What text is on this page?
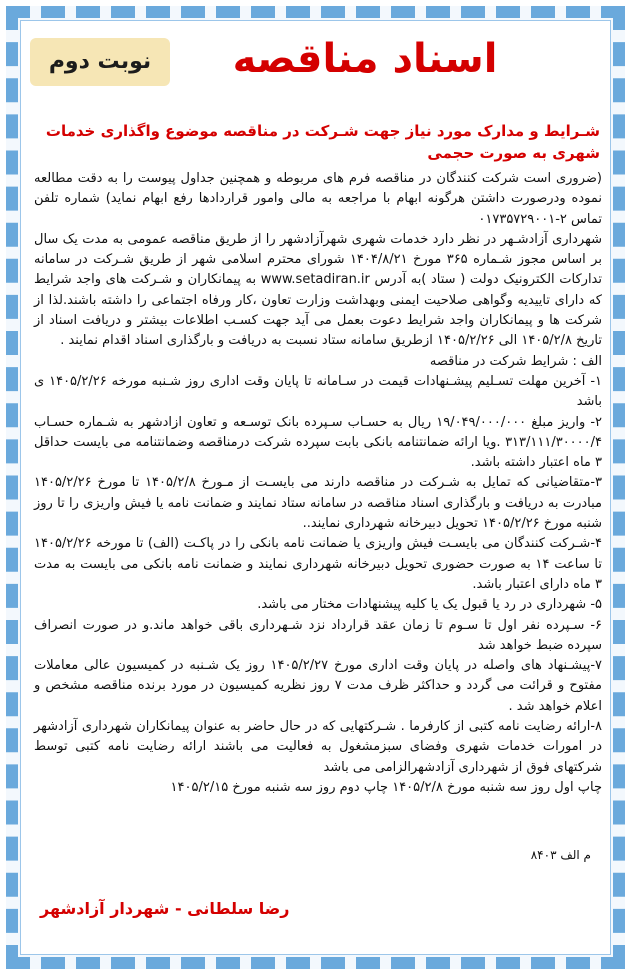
نوبت دوم	اسناد مناقصه
شـرایط و مدارک مورد نیاز جهت شـرکت در مناقصه موضوع واگذاری خدمات شهری به صورت حجمی

(ضروری است شرکت کنندگان در مناقصه فرم های مربوطه و همچنین جداول پیوست را به دقت مطالعه نموده ودرصورت داشتن هرگونه ابهام با مراجعه به مالی وامور قراردادها رفع ابهام نماید) شماره تلفن تماس ۲-۰۱۷۳۵۷۲۹۰۰۱

شهرداری آزادشـهر در نظر دارد خدمات شهری شهرآزادشهر را از طریق مناقصه عمومی به مدت یک سال بر اساس مجوز شـماره ۳۶۵ مورخ ۱۴۰۴/۸/۲۱ شورای محترم اسلامی شهر از طریق شـرکت در سامانه تدارکات الکترونیک دولت ( ستاد )به آدرس www.setadiran.ir به پیمانکاران و شـرکت های واجد شرایط که دارای تاییدیه وگواهی صلاحیت ایمنی وبهداشت وزارت تعاون ،کار ورفاه اجتماعی را داشته باشند.لذا از شرکت ها و پیمانکاران واجد شرایط دعوت بعمل می آید جهت کسـب اطلاعات بیشتر و دریافت اسناد از تاریخ ۱۴۰۵/۲/۸ الی ۱۴۰۵/۲/۲۶ ازطریق سامانه ستاد نسبت به دریافت و بارگذاری اسناد اقدام نمایند .

الف : شرایط شرکت در مناقصه

۱- آخرین مهلت تسـلیم پیشـنهادات قیمت در سـامانه تا پایان وقت اداری روز شـنبه مورخه ۱۴۰۵/۲/۲۶ ی باشد

۲- واریز مبلغ ۱۹/۰۴۹/۰۰۰/۰۰۰ ریال به حسـاب سـپرده بانک توسـعه و تعاون ازادشهر به شـماره حسـاب ۳۱۳/۱۱۱/۳۰۰۰۰/۴ .ویا ارائه ضمانتنامه بانکی بابت سپرده شرکت درمناقصه وضمانتنامه می بایست حداقل ۳ ماه اعتبار داشته باشد.

۳-متقاضیانی که تمایل به شـرکت در مناقصه دارند می بایسـت از مـورخ ۱۴۰۵/۲/۸ تا مورخ ۱۴۰۵/۲/۲۶ مبادرت به دریافت و بارگذاری اسناد مناقصه در سامانه ستاد نمایند و ضمانت نامه یا فیش واریزی را تا روز شنبه مورخ ۱۴۰۵/۲/۲۶ تحویل دبیرخانه شهرداری نمایند..

۴-شـرکت کنندگان می بایسـت فیش واریزی یا ضمانت نامه بانکی را در پاکـت (الف) تا مورخه ۱۴۰۵/۲/۲۶ تا ساعت ۱۴ به صورت حضوری تحویل دبیرخانه شهرداری نمایند و ضمانت نامه بانکی می بایست به مدت ۳ ماه دارای اعتبار باشد.

۵- شهرداری در رد یا قبول یک یا کلیه پیشنهادات مختار می باشد.

۶- سـپرده نفر اول تا سـوم تا زمان عقد قرارداد نزد شـهرداری باقی خواهد ماند.و در صورت انصراف سپرده ضبط خواهد شد

۷-پیشـنهاد های واصله در پایان وقت اداری مورخ ۱۴۰۵/۲/۲۷ روز یک شـنبه در کمیسیون عالی معاملات مفتوح و قرائت می گردد و حداکثر ظرف مدت ۷ روز نظریه کمیسیون در مورد برنده مناقصه مشخص و اعلام خواهد شد .

۸-ارائه رضایت نامه کتبی از کارفرما . شـرکتهایی که در حال حاضر به عنوان پیمانکاران شهرداری آزادشهر در امورات خدمات شهری وفضای سبزمشغول به فعالیت می باشند ارائه رضایت نامه کتبی توسط شرکتهای فوق از شهرداری آزادشهرالزامی می باشد

چاپ اول روز سه شنبه مورخ ۱۴۰۵/۲/۸ چاپ دوم روز سه شنبه مورخ ۱۴۰۵/۲/۱۵

م الف ۸۴۰۳
رضا سلطانی - شهردار آزادشهر
